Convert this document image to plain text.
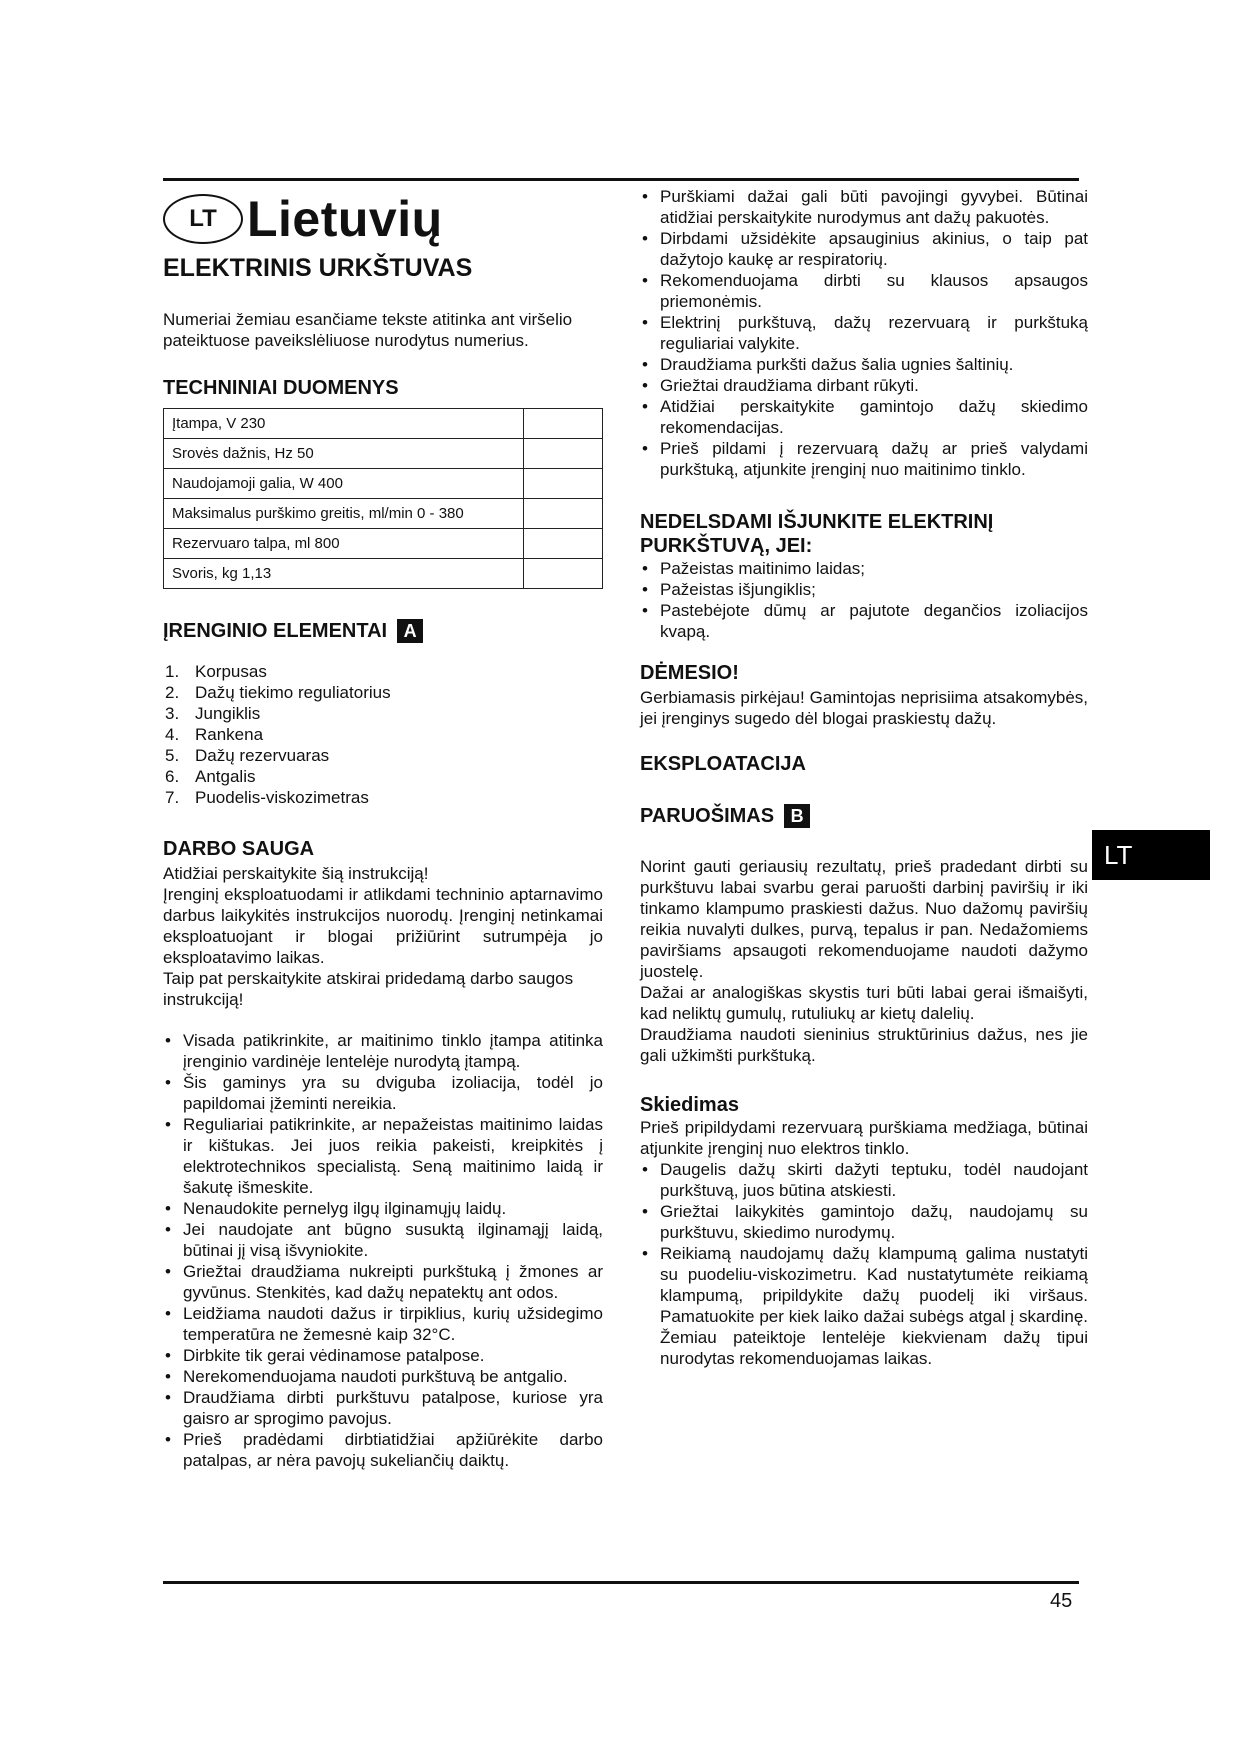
LT Lietuvių
ELEKTRINIS URKŠTUVAS

Numeriai žemiau esančiame tekste atitinka ant viršelio pateiktuose paveikslėliuose nurodytus numerius.

TECHNINIAI DUOMENYS
Įtampa, V 230	
Srovės dažnis, Hz 50	
Naudojamoji galia, W 400	
Maksimalus purškimo greitis, ml/min 0 - 380	
Rezervuaro talpa, ml 800	
Svoris, kg 1,13	
ĮRENGINIO ELEMENTAI A
1. Korpusas
2. Dažų tiekimo reguliatorius
3. Jungiklis
4. Rankena
5. Dažų rezervuaras
6. Antgalis
7. Puodelis-viskozimetras
DARBO SAUGA

Atidžiai perskaitykite šią instrukciją!

Įrenginį eksploatuodami ir atlikdami techninio aptarnavimo darbus laikykitės instrukcijos nuorodų. Įrenginį netinkamai eksploatuojant ir blogai prižiūrint sutrumpėja jo eksploatavimo laikas.

Taip pat perskaitykite atskirai pridedamą darbo saugos instrukciją!

• Visada patikrinkite, ar maitinimo tinklo įtampa atitinka įrenginio vardinėje lentelėje nurodytą įtampą.
• Šis gaminys yra su dviguba izoliacija, todėl jo papildomai įžeminti nereikia.
• Reguliariai patikrinkite, ar nepažeistas maitinimo laidas ir kištukas. Jei juos reikia pakeisti, kreipkitės į elektrotechnikos specialistą. Seną maitinimo laidą ir šakutę išmeskite.
• Nenaudokite pernelyg ilgų ilginamųjų laidų.
• Jei naudojate ant būgno susuktą ilginamąjį laidą, būtinai jį visą išvyniokite.
• Griežtai draudžiama nukreipti purkštuką į žmones ar gyvūnus. Stenkitės, kad dažų nepatektų ant odos.
• Leidžiama naudoti dažus ir tirpiklius, kurių užsidegimo temperatūra ne žemesnė kaip 32°C.
• Dirbkite tik gerai vėdinamose patalpose.
• Nerekomenduojama naudoti purkštuvą be antgalio.
• Draudžiama dirbti purkštuvu patalpose, kuriose yra gaisro ar sprogimo pavojus.
• Prieš pradėdami dirbtiatidžiai apžiūrėkite darbo patalpas, ar nėra pavojų sukeliančių daiktų.
• Purškiami dažai gali būti pavojingi gyvybei. Būtinai atidžiai perskaitykite nurodymus ant dažų pakuotės.
• Dirbdami užsidėkite apsauginius akinius, o taip pat dažytojo kaukę ar respiratorių.
• Rekomenduojama dirbti su klausos apsaugos priemonėmis.
• Elektrinį purkštuvą, dažų rezervuarą ir purkštuką reguliariai valykite.
• Draudžiama purkšti dažus šalia ugnies šaltinių.
• Griežtai draudžiama dirbant rūkyti.
• Atidžiai perskaitykite gamintojo dažų skiedimo rekomendacijas.
• Prieš pildami į rezervuarą dažų ar prieš valydami purkštuką, atjunkite įrenginį nuo maitinimo tinklo.
NEDELSDAMI IŠJUNKITE ELEKTRINĮ
PURKŠTUVĄ, JEI:
• Pažeistas maitinimo laidas;
• Pažeistas išjungiklis;
• Pastebėjote dūmų ar pajutote degančios izoliacijos kvapą.
DĖMESIO!

Gerbiamasis pirkėjau! Gamintojas neprisiima atsakomybės, jei įrenginys sugedo dėl blogai praskiestų dažų.

EKSPLOATACIJA
PARUOŠIMAS B

Norint gauti geriausių rezultatų, prieš pradedant dirbti su purkštuvu labai svarbu gerai paruošti darbinį paviršių ir iki tinkamo klampumo praskiesti dažus. Nuo dažomų paviršių reikia nuvalyti dulkes, purvą, tepalus ir pan. Nedažomiems paviršiams apsaugoti rekomenduojame naudoti dažymo juostelę.

Dažai ar analogiškas skystis turi būti labai gerai išmaišyti, kad neliktų gumulų, rutuliukų ar kietų dalelių.

Draudžiama naudoti sieninius struktūrinius dažus, nes jie gali užkimšti purkštuką.

Skiedimas

Prieš pripildydami rezervuarą purškiama medžiaga, būtinai atjunkite įrenginį nuo elektros tinklo.

• Daugelis dažų skirti dažyti teptuku, todėl naudojant purkštuvą, juos būtina atskiesti.
• Griežtai laikykitės gamintojo dažų, naudojamų su purkštuvu, skiedimo nurodymų.
• Reikiamą naudojamų dažų klampumą galima nustatyti su puodeliu-viskozimetru. Kad nustatytumėte reikiamą klampumą, pripildykite dažų puodelį iki viršaus. Pamatuokite per kiek laiko dažai subėgs atgal į skardinę. Žemiau pateiktoje lentelėje kiekvienam dažų tipui nurodytas rekomenduojamas laikas.
LT
45
